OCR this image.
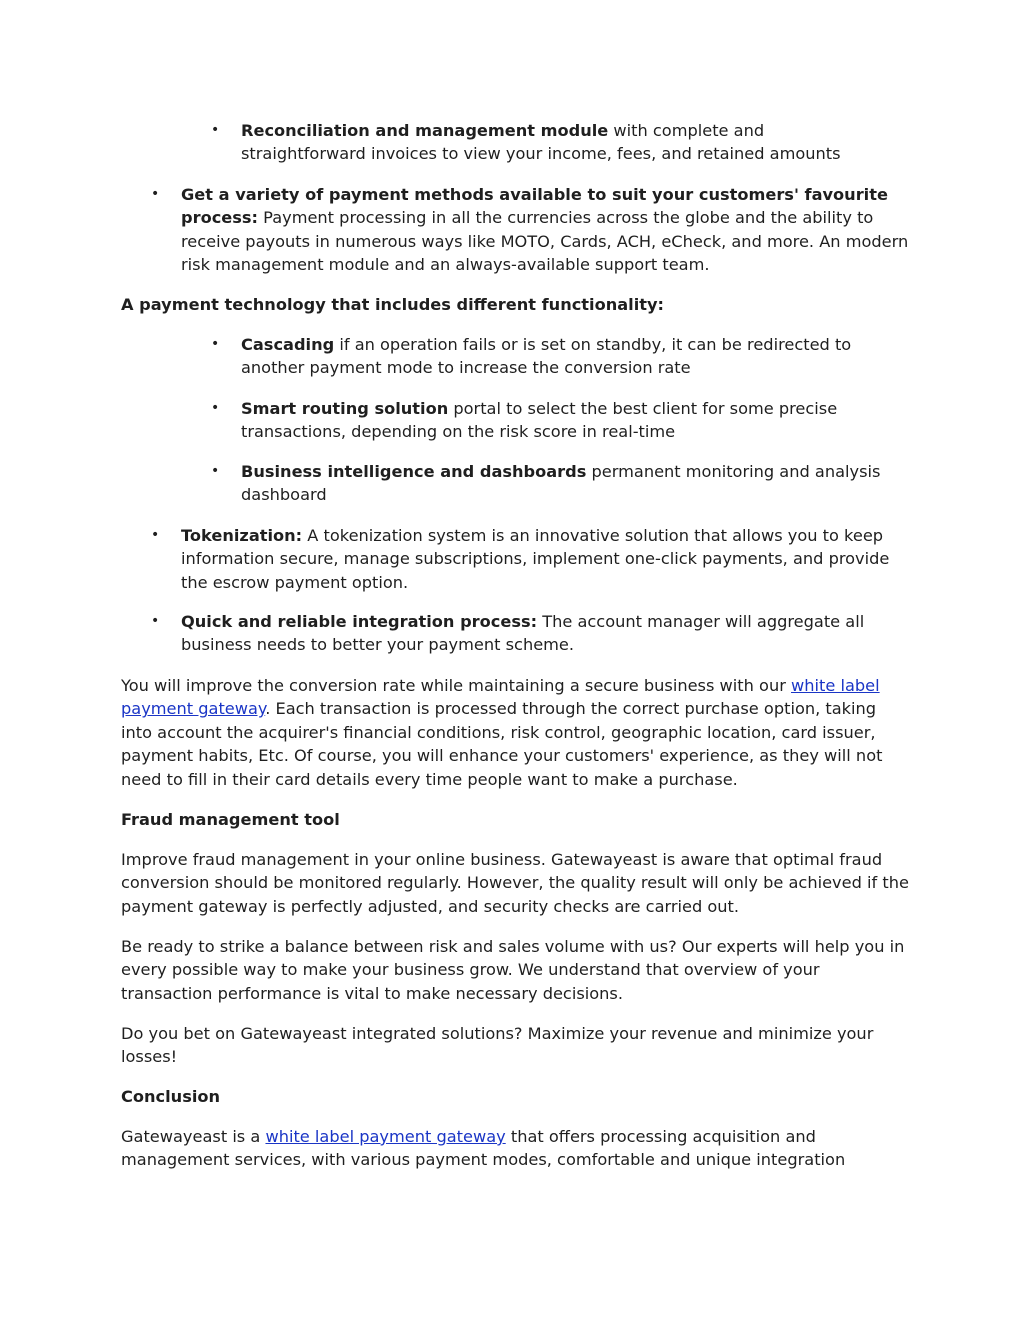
• Reconciliation and management module with complete and straightforward invoices to view your income, fees, and retained amounts

• Get a variety of payment methods available to suit your customers' favourite process: Payment processing in all the currencies across the globe and the ability to receive payouts in numerous ways like MOTO, Cards, ACH, eCheck, and more. An modern risk management module and an always-available support team.

A payment technology that includes different functionality:

• Cascading if an operation fails or is set on standby, it can be redirected to another payment mode to increase the conversion rate

• Smart routing solution portal to select the best client for some precise transactions, depending on the risk score in real-time

• Business intelligence and dashboards permanent monitoring and analysis dashboard

• Tokenization: A tokenization system is an innovative solution that allows you to keep information secure, manage subscriptions, implement one-click payments, and provide the escrow payment option.

• Quick and reliable integration process: The account manager will aggregate all business needs to better your payment scheme.

You will improve the conversion rate while maintaining a secure business with our white label payment gateway. Each transaction is processed through the correct purchase option, taking into account the acquirer's financial conditions, risk control, geographic location, card issuer, payment habits, Etc. Of course, you will enhance your customers' experience, as they will not need to fill in their card details every time people want to make a purchase.

Fraud management tool

Improve fraud management in your online business. Gatewayeast is aware that optimal fraud conversion should be monitored regularly. However, the quality result will only be achieved if the payment gateway is perfectly adjusted, and security checks are carried out.

Be ready to strike a balance between risk and sales volume with us? Our experts will help you in every possible way to make your business grow. We understand that overview of your transaction performance is vital to make necessary decisions.

Do you bet on Gatewayeast integrated solutions? Maximize your revenue and minimize your losses!

Conclusion

Gatewayeast is a white label payment gateway that offers processing acquisition and management services, with various payment modes, comfortable and unique integration
